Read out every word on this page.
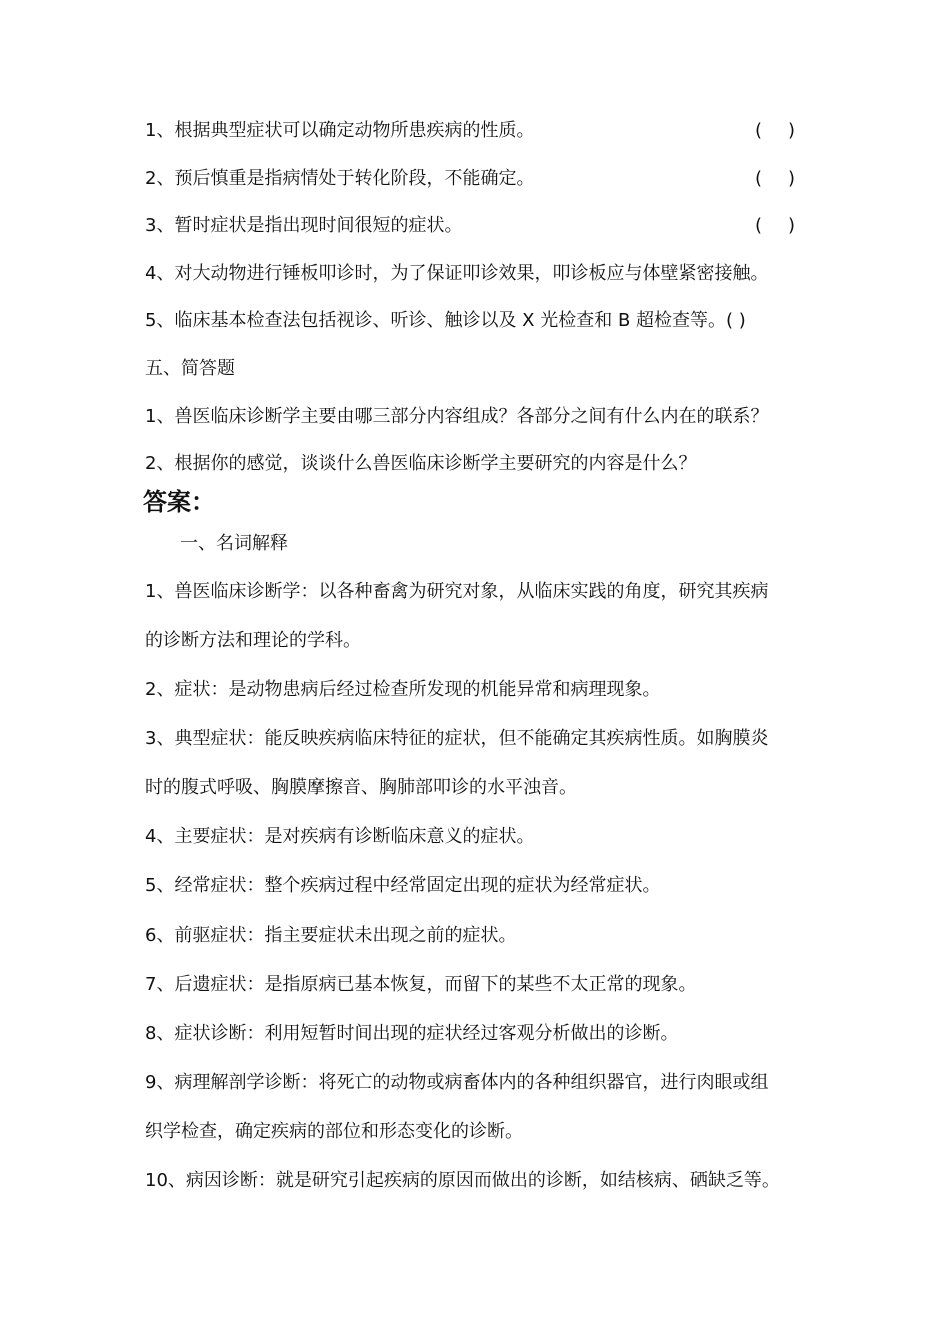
1、根据典型症状可以确定动物所患疾病的性质。	( )
2、预后慎重是指病情处于转化阶段，不能确定。	( )
3、暂时症状是指出现时间很短的症状。	( )
4、对大动物进行锤板叩诊时，为了保证叩诊效果，叩诊板应与体壁紧密接触。
5、临床基本检查法包括视诊、听诊、触诊以及 X 光检查和 B 超检查等。( )
五、简答题
1、兽医临床诊断学主要由哪三部分内容组成？各部分之间有什么内在的联系？
2、根据你的感觉，谈谈什么兽医临床诊断学主要研究的内容是什么？
答案：
一、名词解释
1、兽医临床诊断学：以各种畜禽为研究对象，从临床实践的角度，研究其疾病
的诊断方法和理论的学科。
2、症状：是动物患病后经过检查所发现的机能异常和病理现象。
3、典型症状：能反映疾病临床特征的症状，但不能确定其疾病性质。如胸膜炎
时的腹式呼吸、胸膜摩擦音、胸肺部叩诊的水平浊音。
4、主要症状：是对疾病有诊断临床意义的症状。
5、经常症状：整个疾病过程中经常固定出现的症状为经常症状。
6、前驱症状：指主要症状未出现之前的症状。
7、后遗症状：是指原病已基本恢复，而留下的某些不太正常的现象。
8、症状诊断：利用短暂时间出现的症状经过客观分析做出的诊断。
9、病理解剖学诊断：将死亡的动物或病畜体内的各种组织器官，进行肉眼或组
织学检查，确定疾病的部位和形态变化的诊断。
10、病因诊断：就是研究引起疾病的原因而做出的诊断，如结核病、硒缺乏等。
